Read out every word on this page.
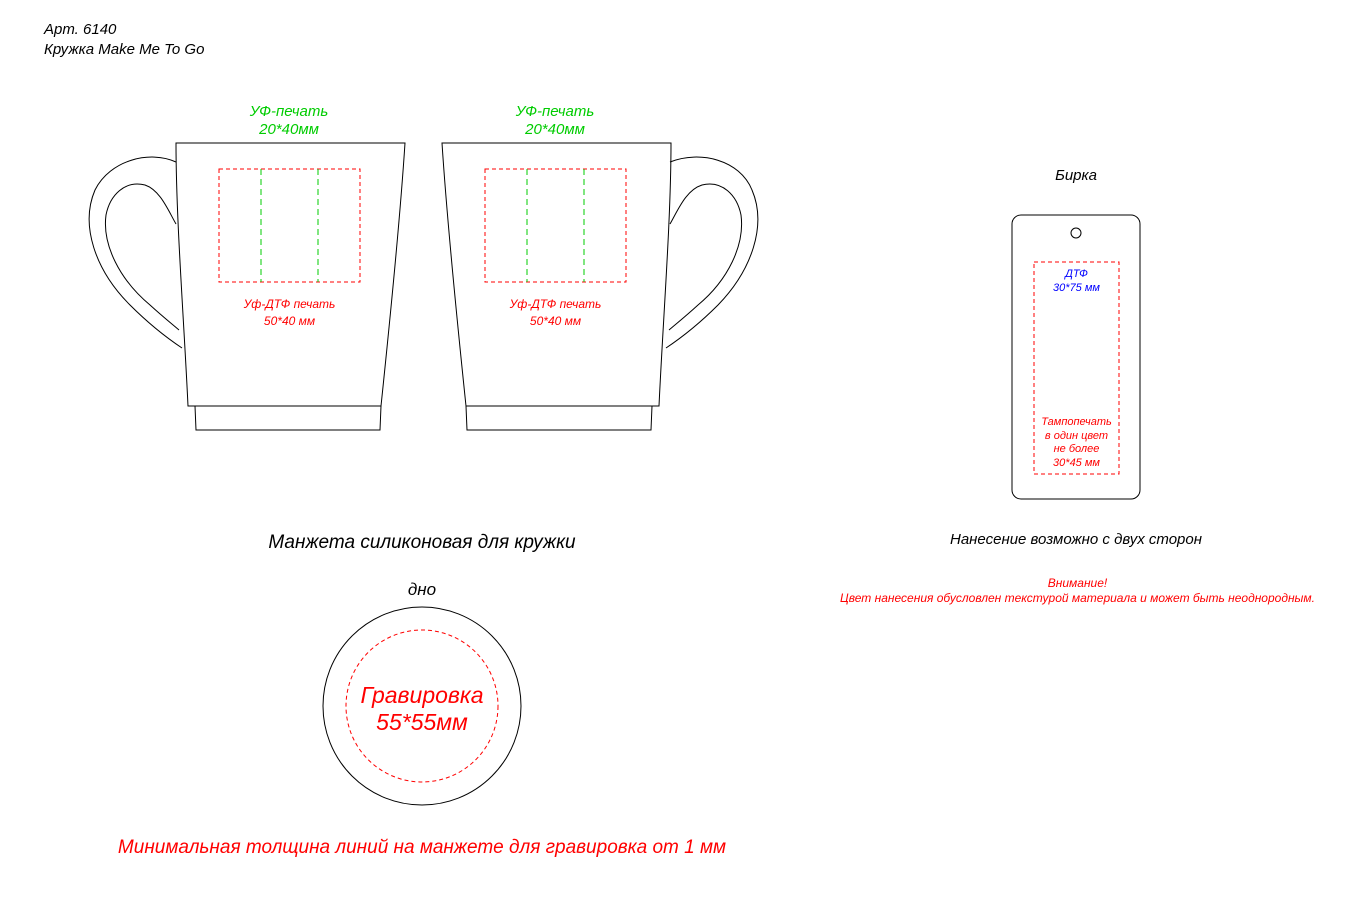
Арт. 6140
Кружка Make Me To Go
УФ-печать
20*40мм
Уф-ДТФ печать
50*40 мм
УФ-печать
20*40мм
Уф-ДТФ печать
50*40 мм
Бирка
ДТФ
30*75 мм
Тампопечать
в один цвет
не более
30*45 мм
Нанесение возможно с двух сторон
Внимание!
Цвет нанесения обусловлен текстурой материала и может быть неоднородным.
Манжета силиконовая для кружки
дно
Гравировка
55*55мм
Минимальная толщина линий на манжете для гравировка от 1 мм
